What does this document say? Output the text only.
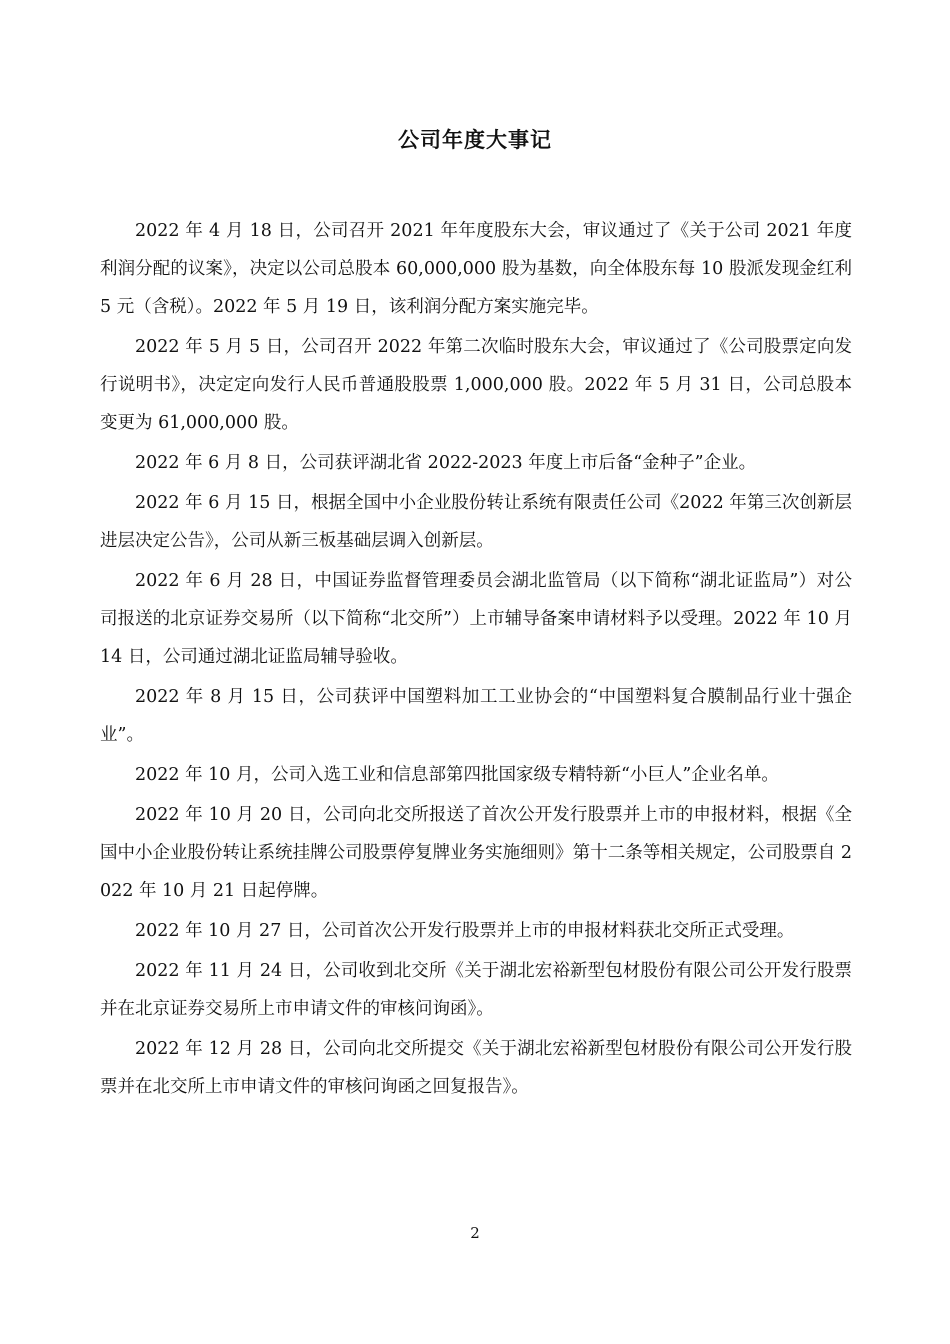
公司年度大事记

2022 年 4 月 18 日，公司召开 2021 年年度股东大会，审议通过了《关于公司 2021 年度利润分配的议案》，决定以公司总股本 60,000,000 股为基数，向全体股东每 10 股派发现金红利 5 元（含税）。2022 年 5 月 19 日，该利润分配方案实施完毕。

2022 年 5 月 5 日，公司召开 2022 年第二次临时股东大会，审议通过了《公司股票定向发行说明书》，决定定向发行人民币普通股股票 1,000,000 股。2022 年 5 月 31 日，公司总股本变更为 61,000,000 股。

2022 年 6 月 8 日，公司获评湖北省 2022-2023 年度上市后备“金种子”企业。

2022 年 6 月 15 日，根据全国中小企业股份转让系统有限责任公司《2022 年第三次创新层进层决定公告》，公司从新三板基础层调入创新层。

2022 年 6 月 28 日，中国证券监督管理委员会湖北监管局（以下简称“湖北证监局”）对公司报送的北京证券交易所（以下简称“北交所”）上市辅导备案申请材料予以受理。2022 年 10 月 14 日，公司通过湖北证监局辅导验收。

2022 年 8 月 15 日，公司获评中国塑料加工工业协会的“中国塑料复合膜制品行业十强企业”。

2022 年 10 月，公司入选工业和信息部第四批国家级专精特新“小巨人”企业名单。

2022 年 10 月 20 日，公司向北交所报送了首次公开发行股票并上市的申报材料，根据《全国中小企业股份转让系统挂牌公司股票停复牌业务实施细则》第十二条等相关规定，公司股票自 2022 年 10 月 21 日起停牌。

2022 年 10 月 27 日，公司首次公开发行股票并上市的申报材料获北交所正式受理。

2022 年 11 月 24 日，公司收到北交所《关于湖北宏裕新型包材股份有限公司公开发行股票并在北京证券交易所上市申请文件的审核问询函》。

2022 年 12 月 28 日，公司向北交所提交《关于湖北宏裕新型包材股份有限公司公开发行股票并在北交所上市申请文件的审核问询函之回复报告》。

2
